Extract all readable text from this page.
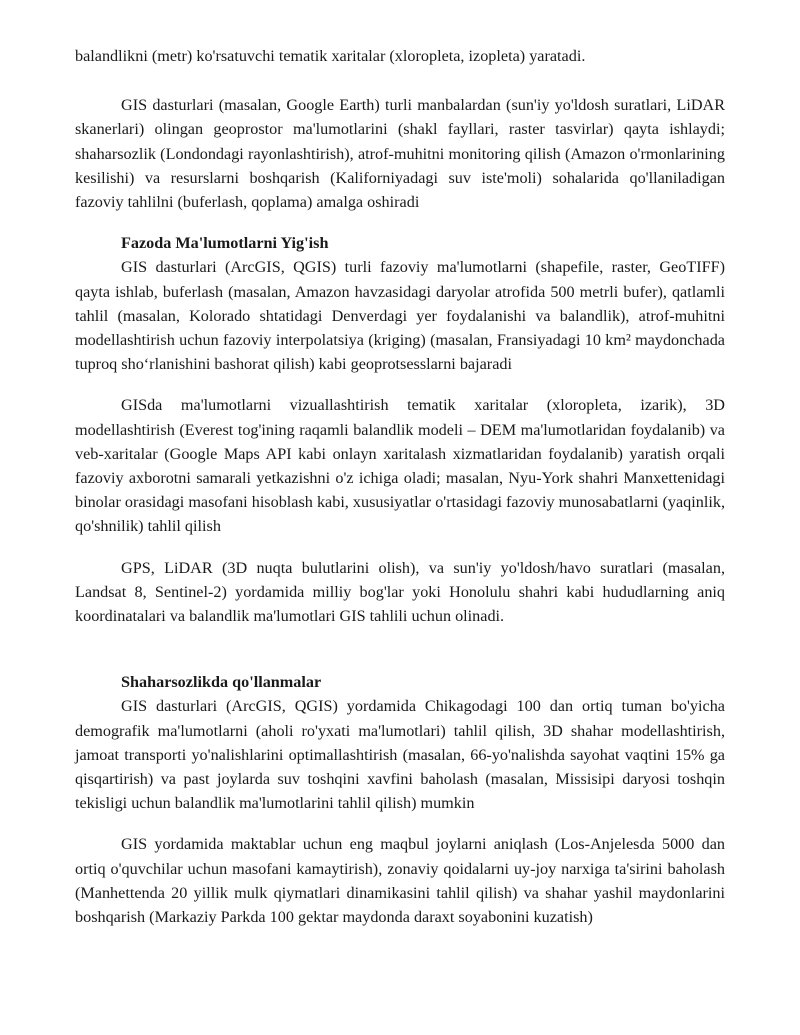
balandlikni (metr) ko'rsatuvchi tematik xaritalar (xloropleta, izopleta) yaratadi.

GIS dasturlari (masalan, Google Earth) turli manbalardan (sun'iy yo'ldosh suratlari, LiDAR skanerlari) olingan geoprostor ma'lumotlarini (shakl fayllari, raster tasvirlar) qayta ishlaydi; shaharsozlik (Londondagi rayonlashtirish), atrof-muhitni monitoring qilish (Amazon o'rmonlarining kesilishi) va resurslarni boshqarish (Kaliforniyadagi suv iste'moli) sohalarida qo'llaniladigan fazoviy tahlilni (buferlash, qoplama) amalga oshiradi

Fazoda Ma'lumotlarni Yig'ish

GIS dasturlari (ArcGIS, QGIS) turli fazoviy ma'lumotlarni (shapefile, raster, GeoTIFF) qayta ishlab, buferlash (masalan, Amazon havzasidagi daryolar atrofida 500 metrli bufer), qatlamli tahlil (masalan, Kolorado shtatidagi Denverdagi yer foydalanishi va balandlik), atrof-muhitni modellashtirish uchun fazoviy interpolatsiya (kriging) (masalan, Fransiyadagi 10 km² maydonchada tuproq sho‘rlanishini bashorat qilish) kabi geoprotsesslarni bajaradi

GISda ma'lumotlarni vizuallashtirish tematik xaritalar (xloropleta, izarik), 3D modellashtirish (Everest tog'ining raqamli balandlik modeli – DEM ma'lumotlaridan foydalanib) va veb-xaritalar (Google Maps API kabi onlayn xaritalash xizmatlaridan foydalanib) yaratish orqali fazoviy axborotni samarali yetkazishni o'z ichiga oladi; masalan, Nyu-York shahri Manxettenidagi binolar orasidagi masofani hisoblash kabi, xususiyatlar o'rtasidagi fazoviy munosabatlarni (yaqinlik, qo'shnilik) tahlil qilish

GPS, LiDAR (3D nuqta bulutlarini olish), va sun'iy yo'ldosh/havo suratlari (masalan, Landsat 8, Sentinel-2) yordamida milliy bog'lar yoki Honolulu shahri kabi hududlarning aniq koordinatalari va balandlik ma'lumotlari GIS tahlili uchun olinadi.

Shaharsozlikda qo'llanmalar

GIS dasturlari (ArcGIS, QGIS) yordamida Chikagodagi 100 dan ortiq tuman bo'yicha demografik ma'lumotlarni (aholi ro'yxati ma'lumotlari) tahlil qilish, 3D shahar modellashtirish, jamoat transporti yo'nalishlarini optimallashtirish (masalan, 66-yo'nalishda sayohat vaqtini 15% ga qisqartirish) va past joylarda suv toshqini xavfini baholash (masalan, Missisipi daryosi toshqin tekisligi uchun balandlik ma'lumotlarini tahlil qilish) mumkin

GIS yordamida maktablar uchun eng maqbul joylarni aniqlash (Los-Anjelesda 5000 dan ortiq o'quvchilar uchun masofani kamaytirish), zonaviy qoidalarni uy-joy narxiga ta'sirini baholash (Manhettenda 20 yillik mulk qiymatlari dinamikasini tahlil qilish) va shahar yashil maydonlarini boshqarish (Markaziy Parkda 100 gektar maydonda daraxt soyabonini kuzatish)
